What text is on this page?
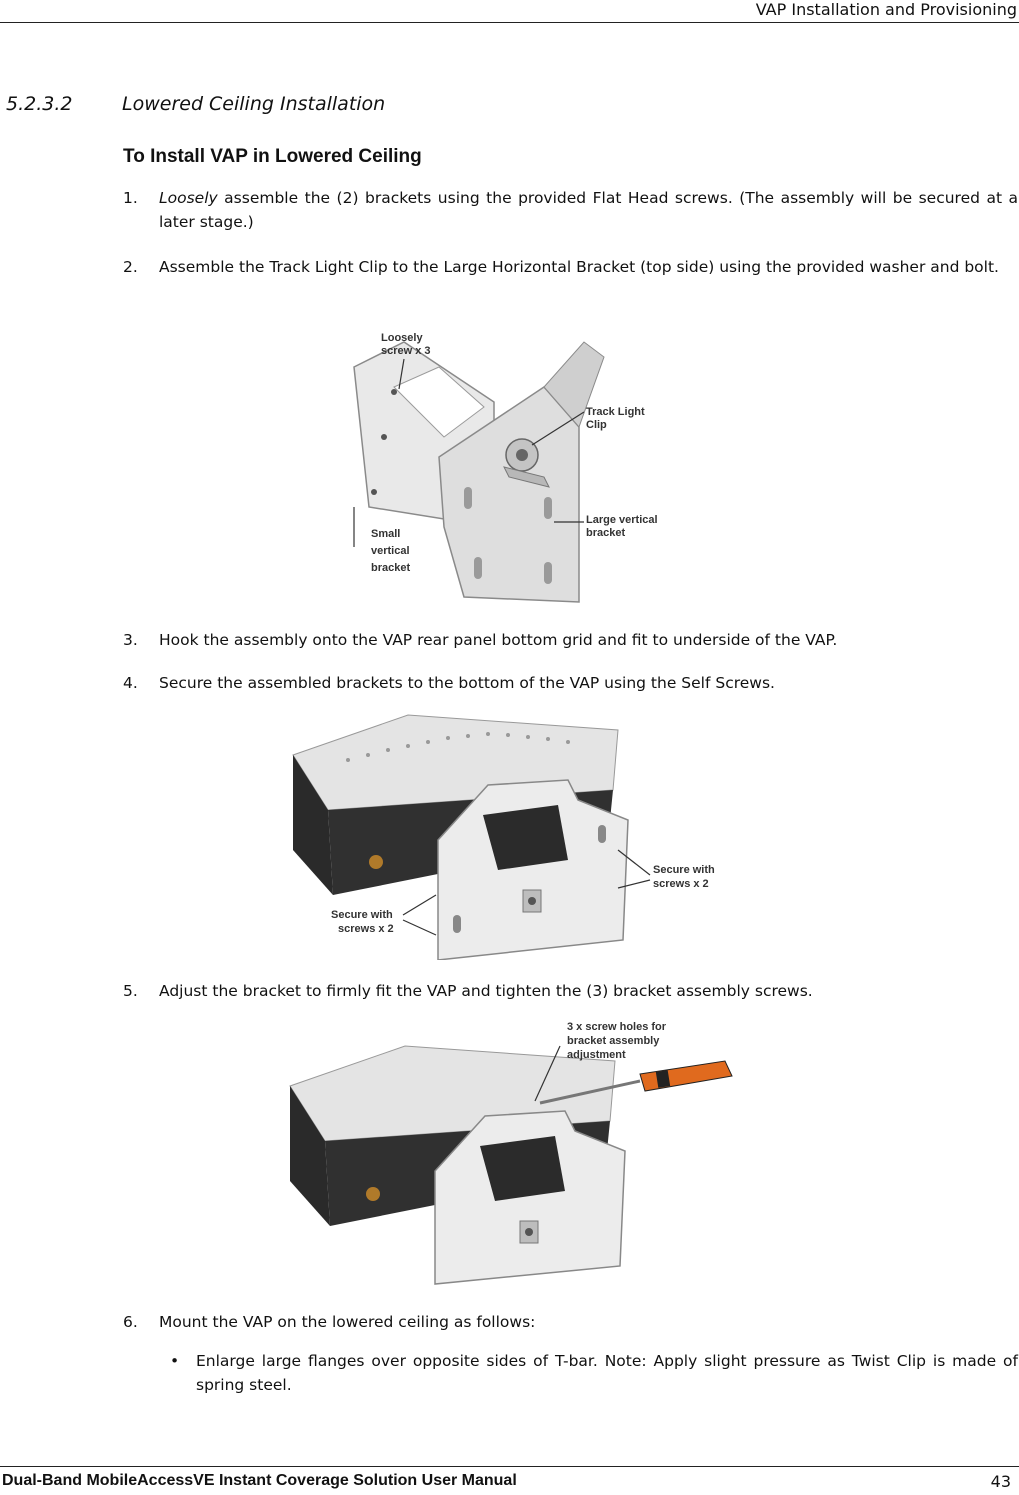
VAP Installation and Provisioning
5.2.3.2	Lowered Ceiling Installation
To Install VAP in Lowered Ceiling
1. Loosely assemble the (2) brackets using the provided Flat Head screws. (The assembly will be secured at a later stage.)
2. Assemble the Track Light Clip to the Large Horizontal Bracket (top side) using the provided washer and bolt.
Loosely
screw x 3
Track Light
Clip
Large vertical
bracket
Small
vertical
bracket
3. Hook the assembly onto the VAP rear panel bottom grid and fit to underside of the VAP.
4. Secure the assembled brackets to the bottom of the VAP using the Self Screws.
Secure with
screws x 2
Secure with
screws x 2
5. Adjust the bracket to firmly fit the VAP and tighten the (3) bracket assembly screws.
3 x screw holes for
bracket assembly
adjustment
6. Mount the VAP on the lowered ceiling as follows:
• Enlarge large flanges over opposite sides of T-bar. Note: Apply slight pressure as Twist Clip is made of spring steel.
Dual-Band MobileAccessVE Instant Coverage Solution User Manual	43
